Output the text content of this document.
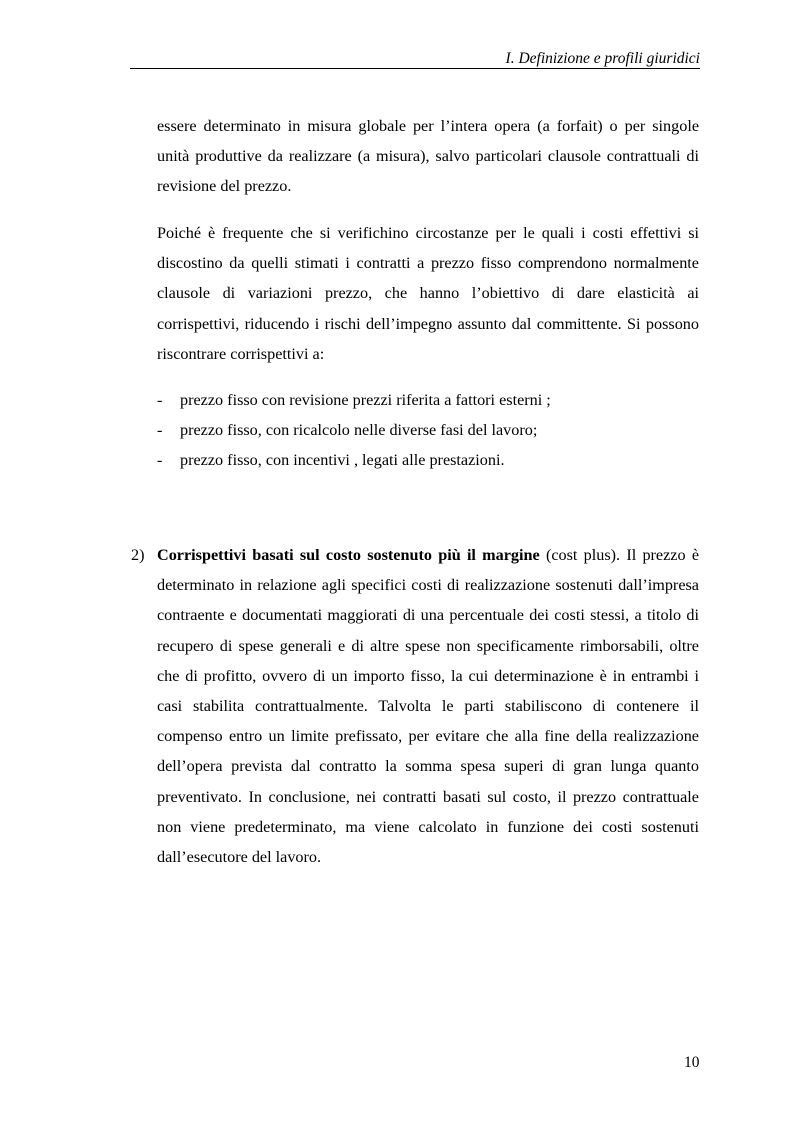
I. Definizione e profili giuridici

essere determinato in misura globale per l’intera opera (a forfait) o per singole unità produttive da realizzare (a misura), salvo particolari clausole contrattuali di revisione del prezzo.

Poiché è frequente che si verifichino circostanze per le quali i costi effettivi si discostino da quelli stimati i contratti a prezzo fisso comprendono normalmente clausole di variazioni prezzo, che hanno l’obiettivo di dare elasticità ai corrispettivi, riducendo i rischi dell’impegno assunto dal committente. Si possono riscontrare corrispettivi a:

- prezzo fisso con revisione prezzi riferita a fattori esterni ;
- prezzo fisso, con ricalcolo nelle diverse fasi del lavoro;
- prezzo fisso, con incentivi , legati alle prestazioni.
2) Corrispettivi basati sul costo sostenuto più il margine (cost plus). Il prezzo è determinato in relazione agli specifici costi di realizzazione sostenuti dall’impresa contraente e documentati maggiorati di una percentuale dei costi stessi, a titolo di recupero di spese generali e di altre spese non specificamente rimborsabili, oltre che di profitto, ovvero di un importo fisso, la cui determinazione è in entrambi i casi stabilita contrattualmente. Talvolta le parti stabiliscono di contenere il compenso entro un limite prefissato, per evitare che alla fine della realizzazione dell’opera prevista dal contratto la somma spesa superi di gran lunga quanto preventivato. In conclusione, nei contratti basati sul costo, il prezzo contrattuale non viene predeterminato, ma viene calcolato in funzione dei costi sostenuti dall’esecutore del lavoro.

10
